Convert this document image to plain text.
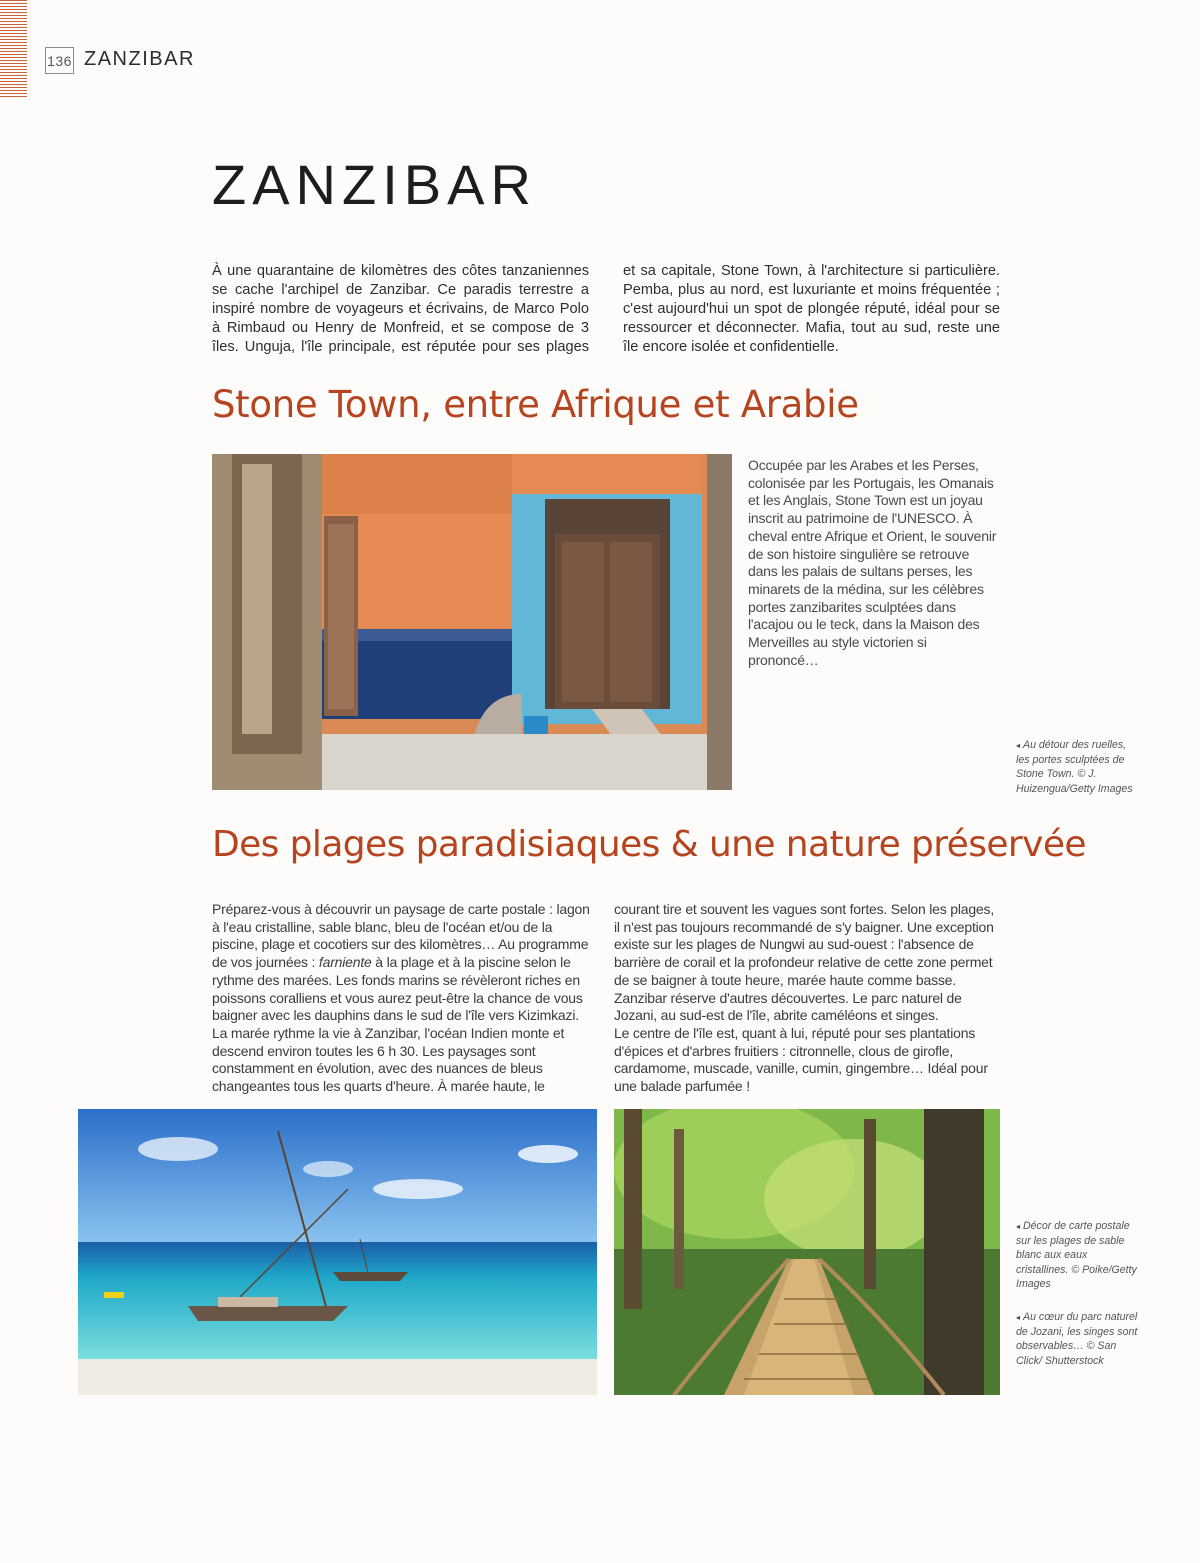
136 ZANZIBAR
ZANZIBAR
À une quarantaine de kilomètres des côtes tanzaniennes se cache l'archipel de Zanzibar. Ce paradis terrestre a inspiré nombre de voyageurs et écrivains, de Marco Polo à Rimbaud ou Henry de Monfreid, et se compose de 3 îles. Unguja, l'île principale, est réputée pour ses plages et sa capitale, Stone Town, à l'architecture si particulière. Pemba, plus au nord, est luxuriante et moins fréquentée ; c'est aujourd'hui un spot de plongée réputé, idéal pour se ressourcer et déconnecter. Mafia, tout au sud, reste une île encore isolée et confidentielle.
Stone Town, entre Afrique et Arabie
Occupée par les Arabes et les Perses, colonisée par les Portugais, les Omanais et les Anglais, Stone Town est un joyau inscrit au patrimoine de l'UNESCO. À cheval entre Afrique et Orient, le souvenir de son histoire singulière se retrouve dans les palais de sultans perses, les minarets de la médina, sur les célèbres portes zanzibarites sculptées dans l'acajou ou le teck, dans la Maison des Merveilles au style victorien si prononcé…
◂ Au détour des ruelles, les portes sculptées de Stone Town. © J. Huizengua/Getty Images
Des plages paradisiaques & une nature préservée

Préparez-vous à découvrir un paysage de carte postale : lagon à l'eau cristalline, sable blanc, bleu de l'océan et/ou de la piscine, plage et cocotiers sur des kilomètres… Au programme de vos journées : farniente à la plage et à la piscine selon le rythme des marées. Les fonds marins se révèleront riches en poissons coralliens et vous aurez peut-être la chance de vous baigner avec les dauphins dans le sud de l'île vers Kizimkazi.

La marée rythme la vie à Zanzibar, l'océan Indien monte et descend environ toutes les 6 h 30. Les paysages sont constamment en évolution, avec des nuances de bleus changeantes tous les quarts d'heure. À marée haute, le

courant tire et souvent les vagues sont fortes. Selon les plages, il n'est pas toujours recommandé de s'y baigner. Une exception existe sur les plages de Nungwi au sud-ouest : l'absence de barrière de corail et la profondeur relative de cette zone permet de se baigner à toute heure, marée haute comme basse.

Zanzibar réserve d'autres découvertes. Le parc naturel de Jozani, au sud-est de l'île, abrite caméléons et singes.

Le centre de l'île est, quant à lui, réputé pour ses plantations d'épices et d'arbres fruitiers : citronnelle, clous de girofle, cardamome, muscade, vanille, cumin, gingembre… Idéal pour une balade parfumée !

◂ Décor de carte postale sur les plages de sable blanc aux eaux cristallines. © Poike/Getty Images
◂ Au cœur du parc naturel de Jozani, les singes sont observables… © San Click/ Shutterstock
